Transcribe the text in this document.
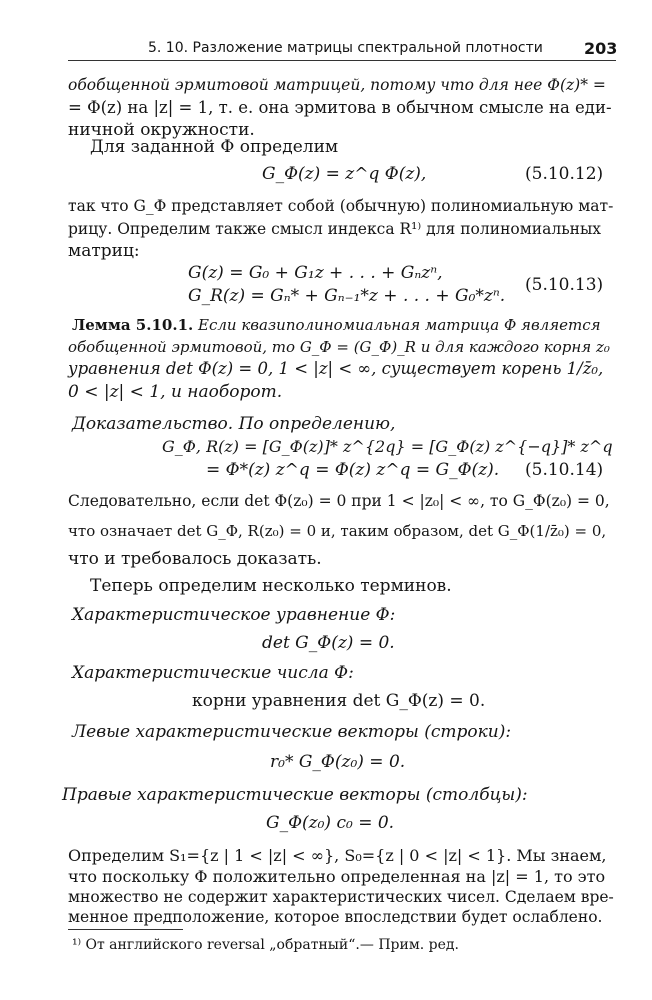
5. 10. Разложение матрицы спектральной плотности	203
обобщенной эрмитовой матрицей, потому что для нее Φ(z)* =
= Φ(z) на |z| = 1, т. е. она эрмитова в обычном смысле на еди-
ничной окружности.
Для заданной Φ определим
G_Φ(z) = z^q Φ(z),	(5.10.12)
так что G_Φ представляет собой (обычную) полиномиальную мат-
рицу. Определим также смысл индекса R¹⁾ для полиномиальных
матриц:
G(z) = G₀ + G₁z + . . . + Gₙzⁿ,
G_R(z) = Gₙ* + Gₙ₋₁*z + . . . + G₀*zⁿ.
(5.10.13)
Лемма 5.10.1. Если квазиполиномиальная матрица Φ является
обобщенной эрмитовой, то G_Φ = (G_Φ)_R и для каждого корня z₀
уравнения det Φ(z) = 0, 1 < |z| < ∞, существует корень 1/z̄₀,
0 < |z| < 1, и наоборот.
Доказательство. По определению,
G_Φ, R(z) = [G_Φ(z)]* z^{2q} = [G_Φ(z) z^{−q}]* z^q
= Φ*(z) z^q = Φ(z) z^q = G_Φ(z). (5.10.14)
Следовательно, если det Φ(z₀) = 0 при 1 < |z₀| < ∞, то G_Φ(z₀) = 0,
что означает det G_Φ, R(z₀) = 0 и, таким образом, det G_Φ(1/z̄₀) = 0,
что и требовалось доказать.
Теперь определим несколько терминов.
Характеристическое уравнение Φ:
det G_Φ(z) = 0.
Характеристические числа Φ:
корни уравнения det G_Φ(z) = 0.
Левые характеристические векторы (строки):
r₀* G_Φ(z₀) = 0.
Правые характеристические векторы (столбцы):
G_Φ(z₀) c₀ = 0.
Определим S₁={z | 1 < |z| < ∞}, S₀={z | 0 < |z| < 1}. Мы знаем,
что поскольку Φ положительно определенная на |z| = 1, то это
множество не содержит характеристических чисел. Сделаем вре-
менное предположение, которое впоследствии будет ослаблено.
¹⁾ От английского reversal „обратный“.— Прим. ред.
